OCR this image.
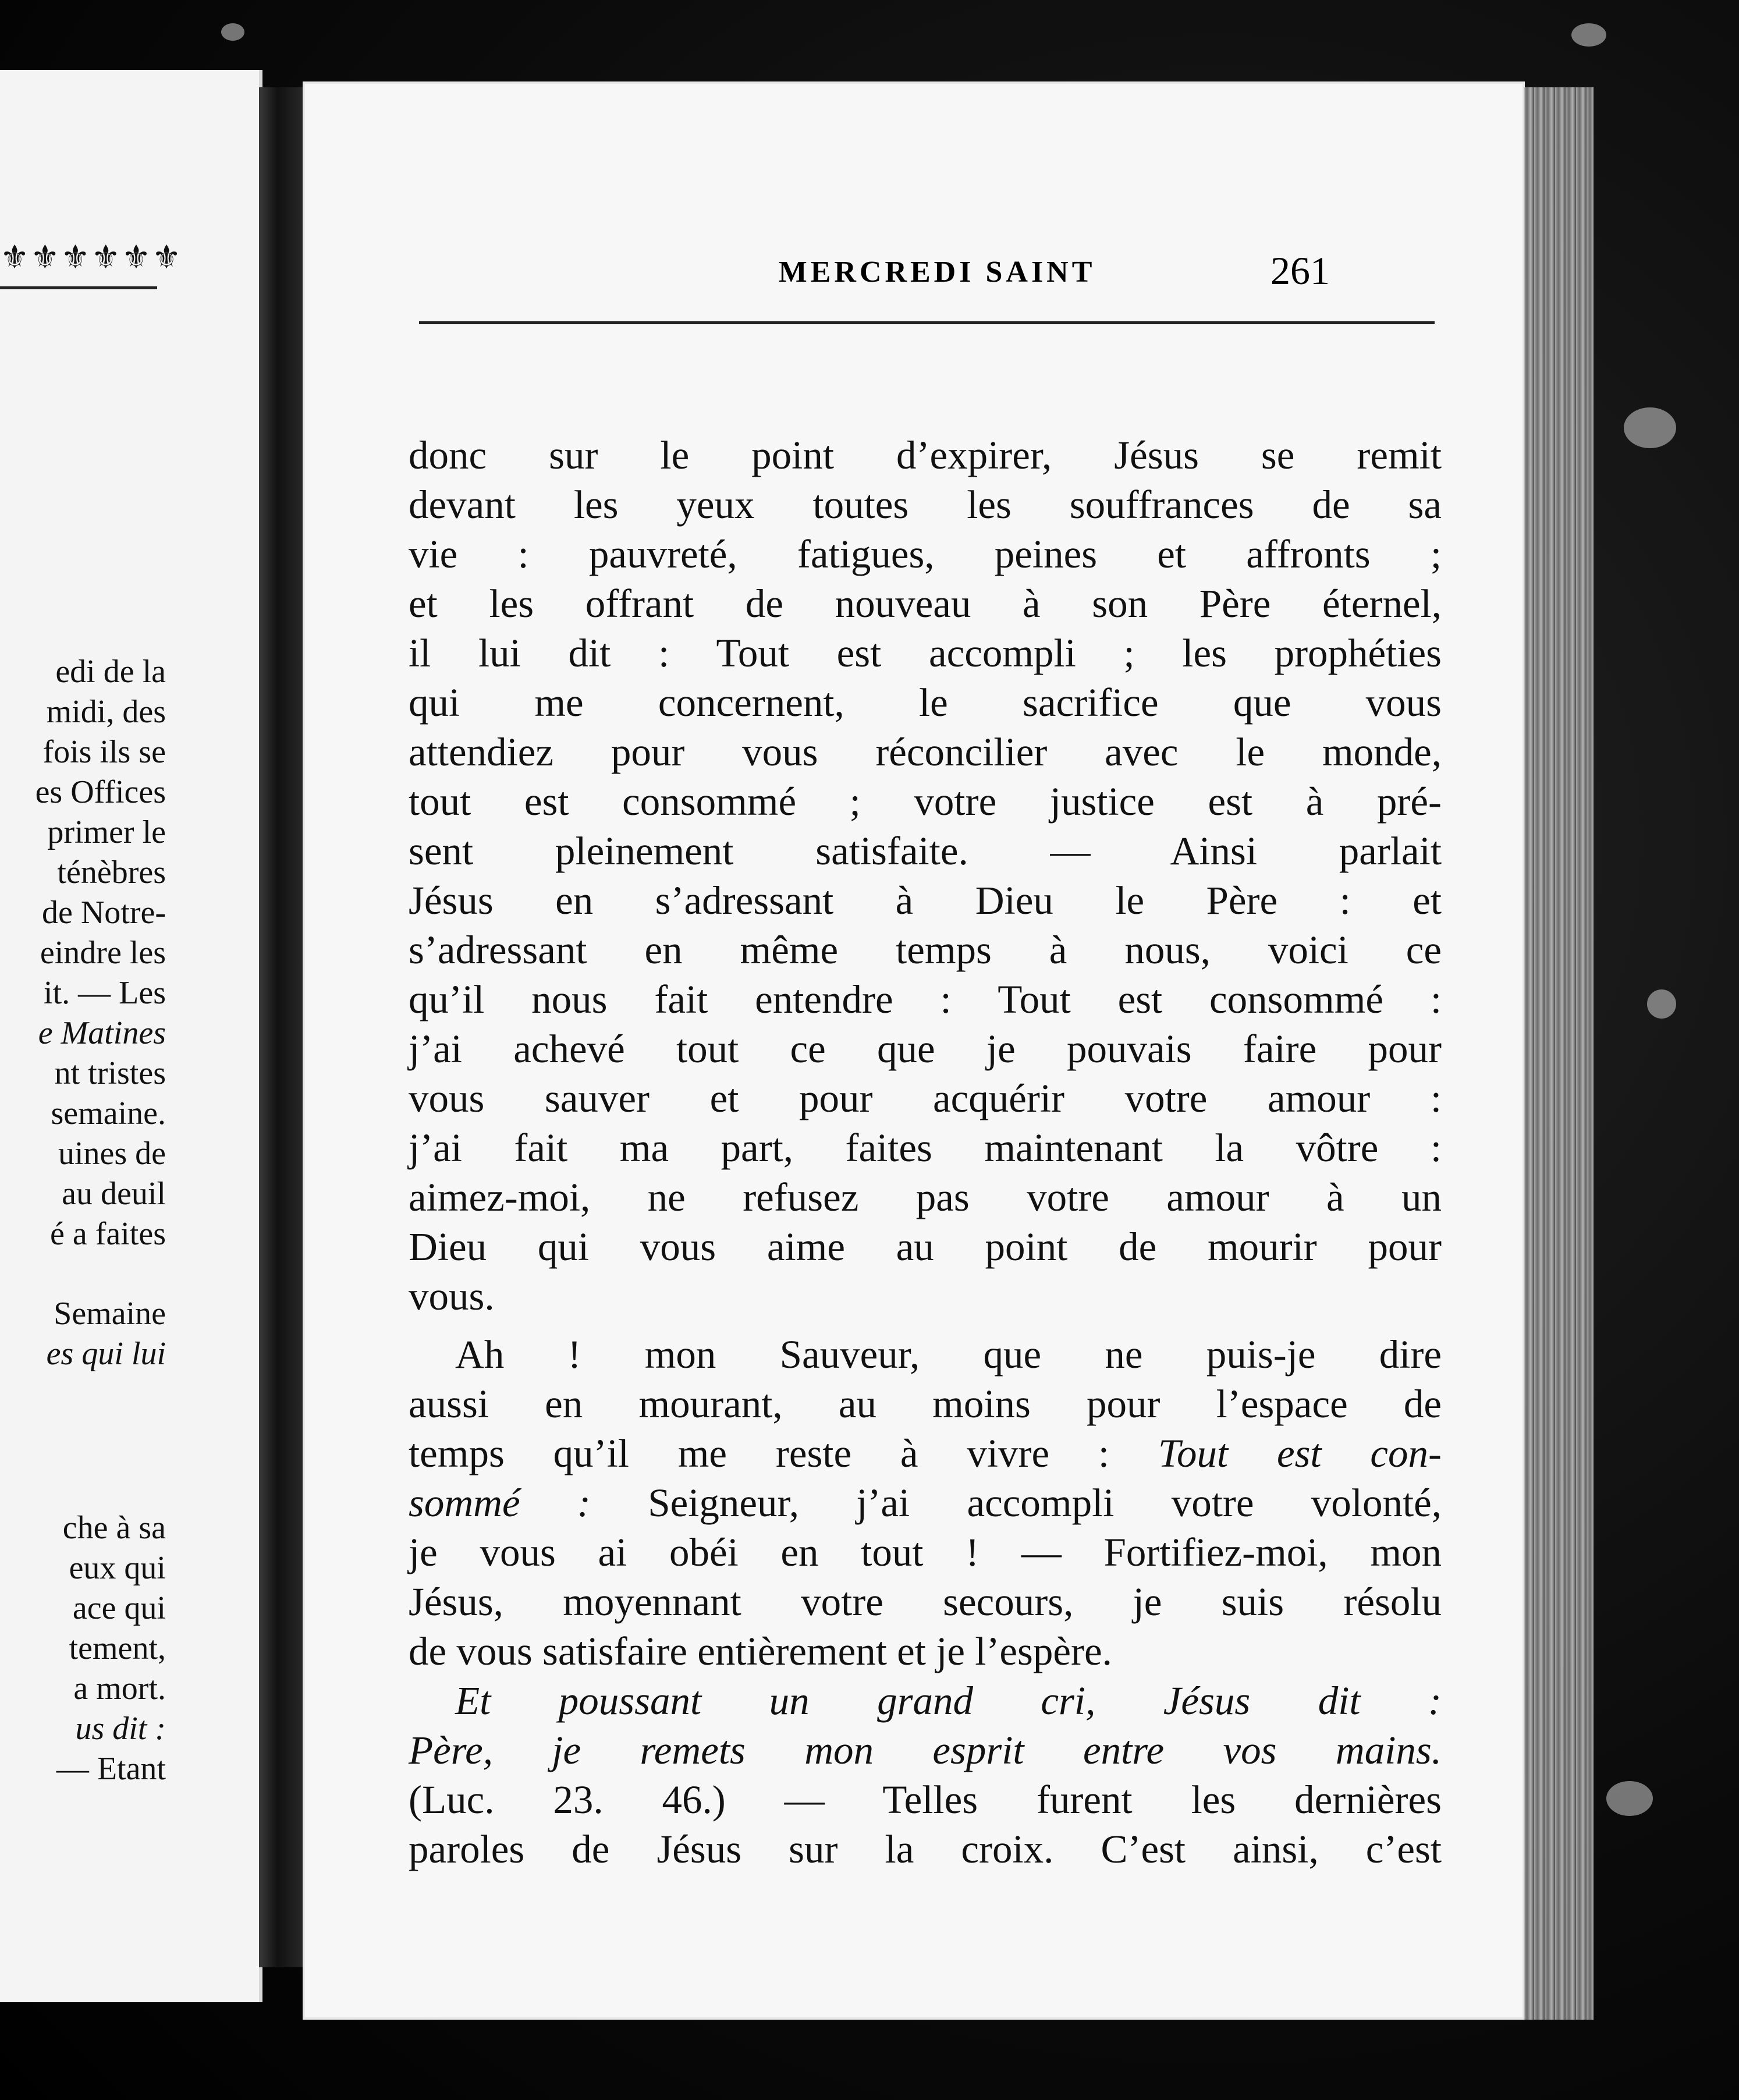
⚜⚜⚜⚜⚜⚜
edi de la
midi, des
fois ils se
es Offices
primer le
ténèbres
de Notre-
eindre les
it. — Les
e Matines
nt tristes
semaine.
uines de
au deuil
é a faites
Semaine
es qui lui
che à sa
eux qui
ace qui
tement,
a mort.
us dit :
— Etant
MERCREDI SAINT	261
donc sur le point d’expirer, Jésus se remit
devant les yeux toutes les souffrances de sa
vie : pauvreté, fatigues, peines et affronts ;
et les offrant de nouveau à son Père éternel,
il lui dit : Tout est accompli ; les prophéties
qui me concernent, le sacrifice que vous
attendiez pour vous réconcilier avec le monde,
tout est consommé ; votre justice est à pré-
sent pleinement satisfaite. — Ainsi parlait
Jésus en s’adressant à Dieu le Père : et
s’adressant en même temps à nous, voici ce
qu’il nous fait entendre : Tout est consommé :
j’ai achevé tout ce que je pouvais faire pour
vous sauver et pour acquérir votre amour :
j’ai fait ma part, faites maintenant la vôtre :
aimez-moi, ne refusez pas votre amour à un
Dieu qui vous aime au point de mourir pour
vous.
Ah ! mon Sauveur, que ne puis-je dire
aussi en mourant, au moins pour l’espace de
temps qu’il me reste à vivre : Tout est con-
sommé : Seigneur, j’ai accompli votre volonté,
je vous ai obéi en tout ! — Fortifiez-moi, mon
Jésus, moyennant votre secours, je suis résolu
de vous satisfaire entièrement et je l’espère.
Et poussant un grand cri, Jésus dit :
Père, je remets mon esprit entre vos mains.
(Luc. 23. 46.) — Telles furent les dernières
paroles de Jésus sur la croix. C’est ainsi, c’est
